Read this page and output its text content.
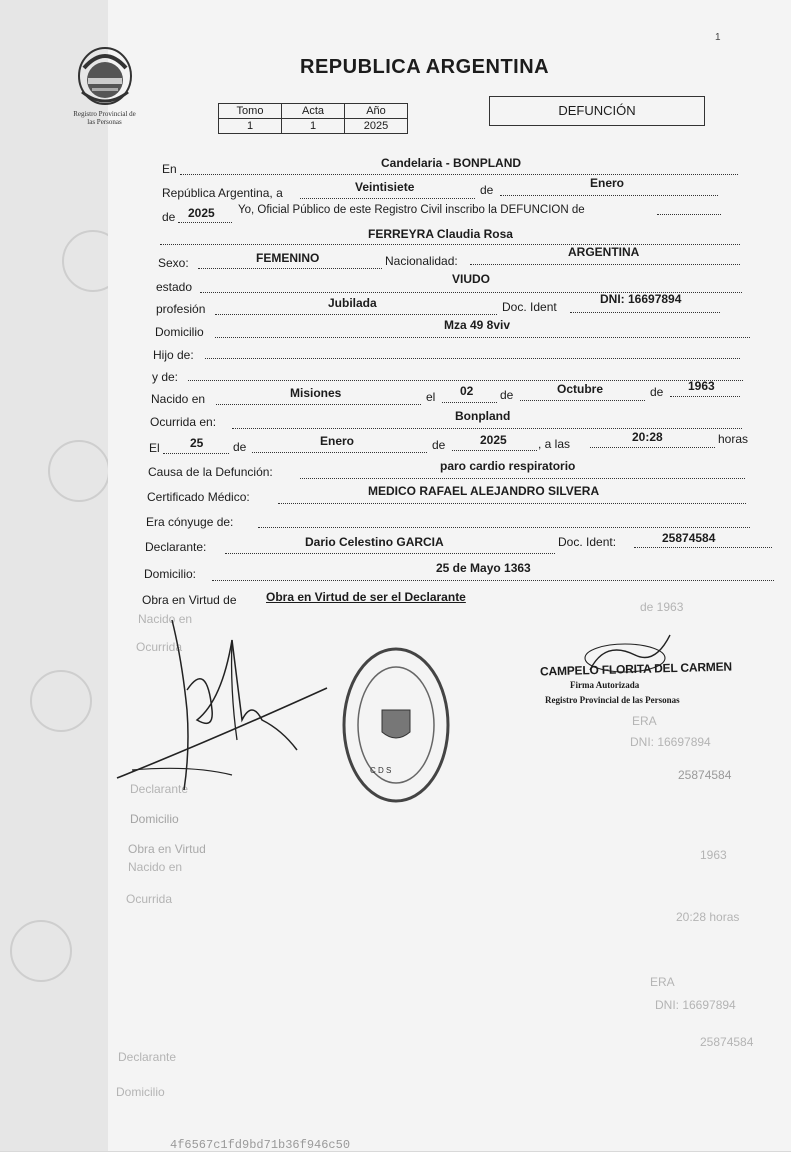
1
Registro Provincial de
las Personas
REPUBLICA ARGENTINA
Tomo	Acta	Año
1	1	2025
DEFUNCIÓN
En	Candelaria - BONPLAND
República Argentina, a	Veintisiete	de	Enero
de 2025 Yo, Oficial Público de este Registro Civil inscribo la DEFUNCION de
FERREYRA Claudia Rosa
Sexo:	FEMENINO	Nacionalidad:
ARGENTINA
estado
VIUDO
profesión	Jubilada	Doc. Ident
DNI: 16697894
Domicilio	Mza 49 8viv
Hijo de:
y de:
Nacido en	Misiones	el 02 de	Octubre	de 1963
Ocurrida en:	Bonpland
El	25 de	Enero	de	2025	, a las	20:28	horas
Causa de la Defunción:	paro cardio respiratorio
Certificado Médico:	MEDICO RAFAEL ALEJANDRO SILVERA
Era cónyuge de:
Declarante:	Dario Celestino GARCIA	Doc. Ident:	25874584
Domicilio:	25 de Mayo 1363
Obra en Virtud de Obra en Virtud de ser el Declarante
Nacido en
Ocurrida
de 1963
ERA
DNI: 16697894
25874584
Declarante
Domicilio
Obra en Virtud
Nacido en
Ocurrida
1963
20:28 horas
ERA
DNI: 16697894
25874584
Declarante
Domicilio
C D S
CAMPELO FLORITA DEL CARMEN
Firma Autorizada
Registro Provincial de las Personas
4f6567c1fd9bd71b36f946c50
